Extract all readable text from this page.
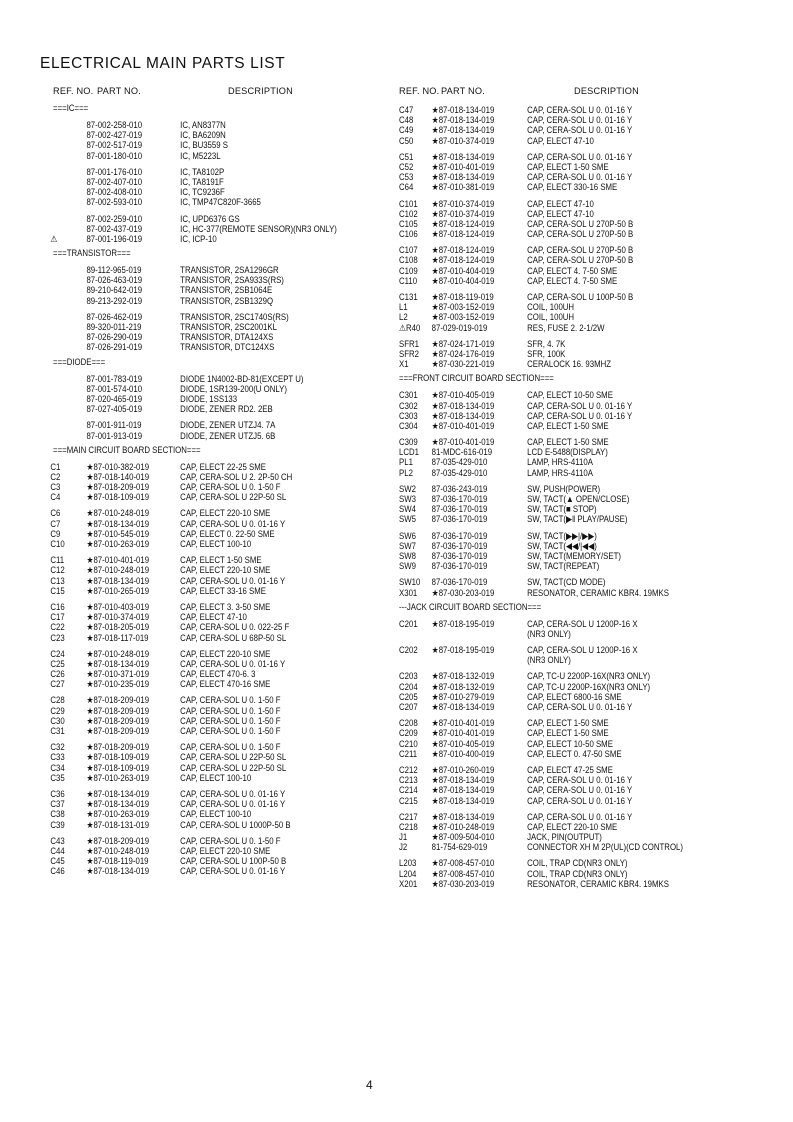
ELECTRICAL MAIN PARTS LIST
REF. NO. PART NO.	DESCRIPTION
===IC===
87-002-258-010	IC, AN8377N
87-002-427-019	IC, BA6209N
87-002-517-019	IC, BU3559 S
87-001-180-010	IC, M5223L
87-001-176-010	IC, TA8102P
87-002-407-010	IC, TA8191F
87-002-408-010	IC, TC9236F
87-002-593-010	IC, TMP47C820F-3665
87-002-259-010	IC, UPD6376 GS
87-002-437-019	IC, HC-377(REMOTE SENSOR)(NR3 ONLY)
⚠	87-001-196-019	IC, ICP-10
===TRANSISTOR===
89-112-965-019	TRANSISTOR, 2SA1296GR
87-026-463-019	TRANSISTOR, 2SA933S(RS)
89-210-642-019	TRANSISTOR, 2SB1064E
89-213-292-019	TRANSISTOR, 2SB1329Q
87-026-462-019	TRANSISTOR, 2SC1740S(RS)
89-320-011-219	TRANSISTOR, 2SC2001KL
87-026-290-019	TRANSISTOR, DTA124XS
87-026-291-019	TRANSISTOR, DTC124XS
===DIODE===
87-001-783-019	DIODE 1N4002-BD-81(EXCEPT U)
87-001-574-010	DIODE, 1SR139-200(U ONLY)
87-020-465-019	DIODE, 1SS133
87-027-405-019	DIODE, ZENER RD2. 2EB
87-001-911-019	DIODE, ZENER UTZJ4. 7A
87-001-913-019	DIODE, ZENER UTZJ5. 6B
===MAIN CIRCUIT BOARD SECTION===
C1	★87-010-382-019	CAP, ELECT 22-25 SME
C2	★87-018-140-019	CAP, CERA-SOL U 2. 2P-50 CH
C3	★87-018-209-019	CAP, CERA-SOL U 0. 1-50 F
C4	★87-018-109-019	CAP, CERA-SOL U 22P-50 SL
C6	★87-010-248-019	CAP, ELECT 220-10 SME
C7	★87-018-134-019	CAP, CERA-SOL U 0. 01-16 Y
C9	★87-010-545-019	CAP, ELECT 0. 22-50 SME
C10 ★87-010-263-019	CAP, ELECT 100-10
C11 ★87-010-401-019	CAP, ELECT 1-50 SME
C12 ★87-010-248-019	CAP, ELECT 220-10 SME
C13 ★87-018-134-019	CAP, CERA-SOL U 0. 01-16 Y
C15 ★87-010-265-019	CAP, ELECT 33-16 SME
C16 ★87-010-403-019	CAP, ELECT 3. 3-50 SME
C17 ★87-010-374-019	CAP, ELECT 47-10
C22 ★87-018-205-019	CAP, CERA-SOL U 0. 022-25 F
C23 ★87-018-117-019	CAP, CERA-SOL U 68P-50 SL
C24 ★87-010-248-019	CAP, ELECT 220-10 SME
C25 ★87-018-134-019	CAP, CERA-SOL U 0. 01-16 Y
C26 ★87-010-371-019	CAP, ELECT 470-6. 3
C27 ★87-010-235-019	CAP, ELECT 470-16 SME
C28 ★87-018-209-019	CAP, CERA-SOL U 0. 1-50 F
C29 ★87-018-209-019	CAP, CERA-SOL U 0. 1-50 F
C30 ★87-018-209-019	CAP, CERA-SOL U 0. 1-50 F
C31 ★87-018-209-019	CAP, CERA-SOL U 0. 1-50 F
C32 ★87-018-209-019	CAP, CERA-SOL U 0. 1-50 F
C33 ★87-018-109-019	CAP, CERA-SOL U 22P-50 SL
C34 ★87-018-109-019	CAP, CERA-SOL U 22P-50 SL
C35 ★87-010-263-019	CAP, ELECT 100-10
C36 ★87-018-134-019	CAP, CERA-SOL U 0. 01-16 Y
C37 ★87-018-134-019	CAP, CERA-SOL U 0. 01-16 Y
C38 ★87-010-263-019	CAP, ELECT 100-10
C39 ★87-018-131-019	CAP, CERA-SOL U 1000P-50 B
C43 ★87-018-209-019	CAP, CERA-SOL U 0. 1-50 F
C44 ★87-010-248-019	CAP, ELECT 220-10 SME
C45 ★87-018-119-019	CAP, CERA-SOL U 100P-50 B
C46 ★87-018-134-019	CAP, CERA-SOL U 0. 01-16 Y
REF. NO. PART NO.	DESCRIPTION
C47 ★87-018-134-019	CAP, CERA-SOL U 0. 01-16 Y
C48 ★87-018-134-019	CAP, CERA-SOL U 0. 01-16 Y
C49 ★87-018-134-019	CAP, CERA-SOL U 0. 01-16 Y
C50 ★87-010-374-019	CAP, ELECT 47-10
C51 ★87-018-134-019	CAP, CERA-SOL U 0. 01-16 Y
C52 ★87-010-401-019	CAP, ELECT 1-50 SME
C53 ★87-018-134-019	CAP, CERA-SOL U 0. 01-16 Y
C64 ★87-010-381-019	CAP, ELECT 330-16 SME
C101 ★87-010-374-019	CAP, ELECT 47-10
C102 ★87-010-374-019	CAP, ELECT 47-10
C105 ★87-018-124-019	CAP, CERA-SOL U 270P-50 B
C106 ★87-018-124-019	CAP, CERA-SOL U 270P-50 B
C107 ★87-018-124-019	CAP, CERA-SOL U 270P-50 B
C108 ★87-018-124-019	CAP, CERA-SOL U 270P-50 B
C109 ★87-010-404-019	CAP, ELECT 4. 7-50 SME
C110 ★87-010-404-019	CAP, ELECT 4. 7-50 SME
C131 ★87-018-119-019	CAP, CERA-SOL U 100P-50 B
L1	★87-003-152-019	COIL, 100UH
L2	★87-003-152-019	COIL, 100UH
⚠R40 87-029-019-019	RES, FUSE 2. 2-1/2W
SFR1 ★87-024-171-019	SFR, 4. 7K
SFR2 ★87-024-176-019	SFR, 100K
X1	★87-030-221-019	CERALOCK 16. 93MHZ
===FRONT CIRCUIT BOARD SECTION===
C301 ★87-010-405-019	CAP, ELECT 10-50 SME
C302 ★87-018-134-019	CAP, CERA-SOL U 0. 01-16 Y
C303 ★87-018-134-019	CAP, CERA-SOL U 0. 01-16 Y
C304 ★87-010-401-019	CAP, ELECT 1-50 SME
C309 ★87-010-401-019	CAP, ELECT 1-50 SME
LCD1 81-MDC-616-019	LCD E-5488(DISPLAY)
PL1 87-035-429-010	LAMP, HRS-4110A
PL2 87-035-429-010	LAMP, HRS-4110A
SW2 87-036-243-019	SW, PUSH(POWER)
SW3 87-036-170-019	SW, TACT(▲ OPEN/CLOSE)
SW4 87-036-170-019	SW, TACT(■ STOP)
SW5 87-036-170-019	SW, TACT(▶‖ PLAY/PAUSE)
SW6 87-036-170-019	SW, TACT(▶▶|/▶▶)
SW7 87-036-170-019	SW, TACT(◀◀/|◀◀)
SW8 87-036-170-019	SW, TACT(MEMORY/SET)
SW9 87-036-170-019	SW, TACT(REPEAT)
SW10 87-036-170-019	SW, TACT(CD MODE)
X301 ★87-030-203-019	RESONATOR, CERAMIC KBR4. 19MKS
---JACK CIRCUIT BOARD SECTION===
C201 ★87-018-195-019	CAP, CERA-SOL U 1200P-16 X
(NR3 ONLY)
C202 ★87-018-195-019	CAP, CERA-SOL U 1200P-16 X
(NR3 ONLY)
C203 ★87-018-132-019	CAP, TC-U 2200P-16X(NR3 ONLY)
C204 ★87-018-132-019	CAP, TC-U 2200P-16X(NR3 ONLY)
C205 ★87-010-279-019	CAP, ELECT 6800-16 SME
C207 ★87-018-134-019	CAP, CERA-SOL U 0. 01-16 Y
C208 ★87-010-401-019	CAP, ELECT 1-50 SME
C209 ★87-010-401-019	CAP, ELECT 1-50 SME
C210 ★87-010-405-019	CAP, ELECT 10-50 SME
C211 ★87-010-400-019	CAP, ELECT 0. 47-50 SME
C212 ★87-010-260-019	CAP, ELECT 47-25 SME
C213 ★87-018-134-019	CAP, CERA-SOL U 0. 01-16 Y
C214 ★87-018-134-019	CAP, CERA-SOL U 0. 01-16 Y
C215 ★87-018-134-019	CAP, CERA-SOL U 0. 01-16 Y
C217 ★87-018-134-019	CAP, CERA-SOL U 0. 01-16 Y
C218 ★87-010-248-019	CAP, ELECT 220-10 SME
J1	★87-009-504-010	JACK, PIN(OUTPUT)
J2	81-754-629-019	CONNECTOR XH M 2P(UL)(CD CONTROL)
L203 ★87-008-457-010	COIL, TRAP CD(NR3 ONLY)
L204 ★87-008-457-010	COIL, TRAP CD(NR3 ONLY)
X201 ★87-030-203-019	RESONATOR, CERAMIC KBR4. 19MKS
4
